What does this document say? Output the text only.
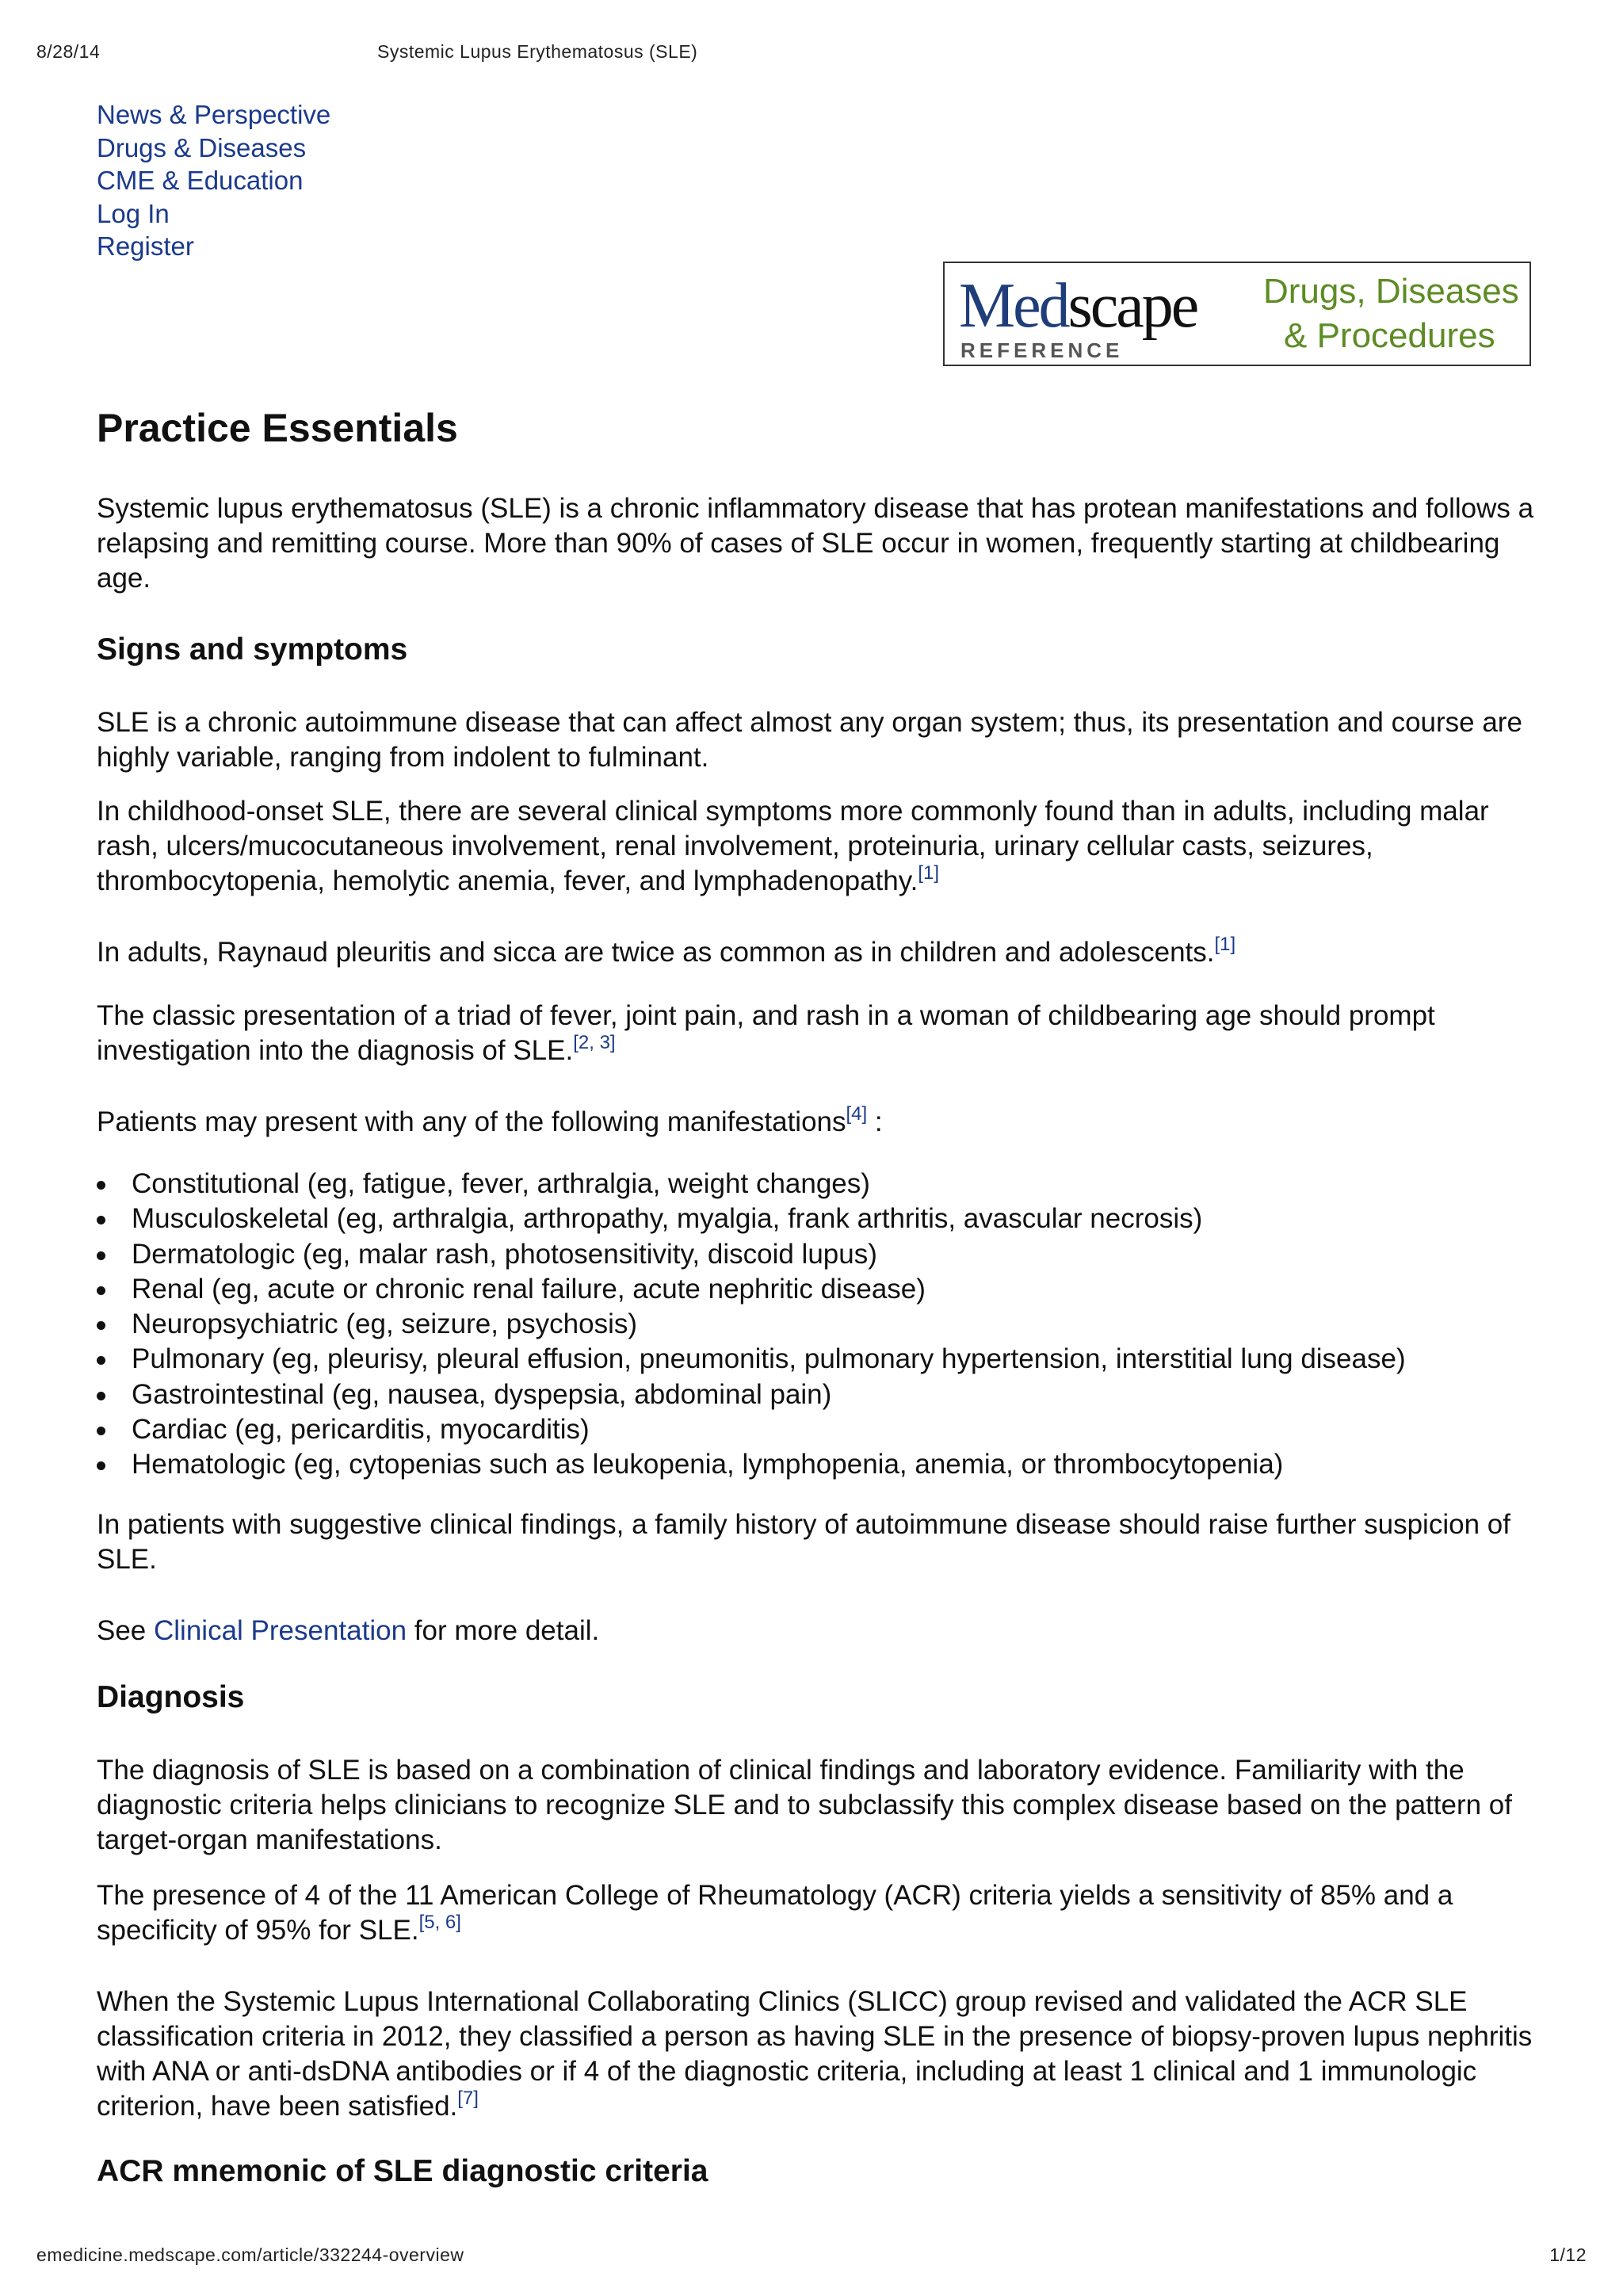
8/28/14	Systemic Lupus Erythematosus (SLE)
News & Perspective
Drugs & Diseases
CME & Education
Log In
Register
Medscape
REFERENCE
Drugs, Diseases
& Procedures
Practice Essentials

Systemic lupus erythematosus (SLE) is a chronic inflammatory disease that has protean manifestations and follows a relapsing and remitting course. More than 90% of cases of SLE occur in women, frequently starting at childbearing age.

Signs and symptoms

SLE is a chronic autoimmune disease that can affect almost any organ system; thus, its presentation and course are highly variable, ranging from indolent to fulminant.

In childhood-onset SLE, there are several clinical symptoms more commonly found than in adults, including malar rash, ulcers/mucocutaneous involvement, renal involvement, proteinuria, urinary cellular casts, seizures, thrombocytopenia, hemolytic anemia, fever, and lymphadenopathy.[1]

In adults, Raynaud pleuritis and sicca are twice as common as in children and adolescents.[1]

The classic presentation of a triad of fever, joint pain, and rash in a woman of childbearing age should prompt investigation into the diagnosis of SLE.[2, 3]

Patients may present with any of the following manifestations[4] :

Constitutional (eg, fatigue, fever, arthralgia, weight changes)
Musculoskeletal (eg, arthralgia, arthropathy, myalgia, frank arthritis, avascular necrosis)
Dermatologic (eg, malar rash, photosensitivity, discoid lupus)
Renal (eg, acute or chronic renal failure, acute nephritic disease)
Neuropsychiatric (eg, seizure, psychosis)
Pulmonary (eg, pleurisy, pleural effusion, pneumonitis, pulmonary hypertension, interstitial lung disease)
Gastrointestinal (eg, nausea, dyspepsia, abdominal pain)
Cardiac (eg, pericarditis, myocarditis)
Hematologic (eg, cytopenias such as leukopenia, lymphopenia, anemia, or thrombocytopenia)

In patients with suggestive clinical findings, a family history of autoimmune disease should raise further suspicion of SLE.

See Clinical Presentation for more detail.

Diagnosis

The diagnosis of SLE is based on a combination of clinical findings and laboratory evidence. Familiarity with the diagnostic criteria helps clinicians to recognize SLE and to subclassify this complex disease based on the pattern of target-organ manifestations.

The presence of 4 of the 11 American College of Rheumatology (ACR) criteria yields a sensitivity of 85% and a specificity of 95% for SLE.[5, 6]

When the Systemic Lupus International Collaborating Clinics (SLICC) group revised and validated the ACR SLE classification criteria in 2012, they classified a person as having SLE in the presence of biopsy-proven lupus nephritis with ANA or anti-dsDNA antibodies or if 4 of the diagnostic criteria, including at least 1 clinical and 1 immunologic criterion, have been satisfied.[7]

ACR mnemonic of SLE diagnostic criteria
emedicine.medscape.com/article/332244-overview	1/12
